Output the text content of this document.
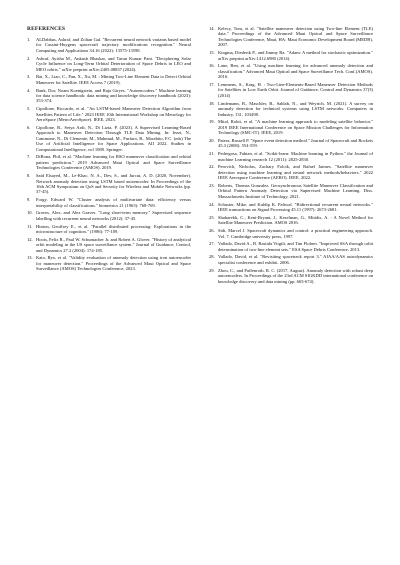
REFERENCES
1.	ALDabbas, Ashraf, and Zoltan Gal. "Recurrent neural network variants based model for Cassini-Huygens spacecraft trajectory modifications recognition." Neural Computing and Applications 34.16 (2022): 13575-13598.
2.	Ashraf, Ayisha M., Ankush Bhaskar, and Tarun Kumar Pant. "Deciphering Solar Cycle Influence on Long-Term Orbital Deterioration of Space Debris in LEO and MEO orbits." arXiv preprint arXiv:2405.08837 (2024).
3.	Bai, X., Liao, C., Pan, X., Xu, M. : Mining Two-Line Element Data to Detect Orbital Maneuver for Satellite. IEEE Access 7 (2019).
4.	Bank, Dor, Noam Koenigstein, and Raja Giryes. "Autoencoders." Machine learning for data science handbook: data mining and knowledge discovery handbook (2023): 353-374.
5.	Cipollone, Riccardo, et al. "An LSTM-based Maneuver Detection Algorithm from Satellites Pattern of Life." 2023 IEEE 10th International Workshop on Metrology for AeroSpace (MetroAeroSpace). IEEE, 2023.
6.	Cipollone, R., Setya Ardi, N., Di Lizia, P. (2023). A Supervised Learning-Based Approach to Maneuver Detection Through TLE Data Mining. In: Iezzi, N., Cammone, N., Di Clemente, M., Mahmud, M., Furfaro, R., Morabito, F.C. (eds) The Use of Artificial Intelligence for Space Applications. AII 2022. Studies in Computational Intelligence, vol 1088. Springer.
7.	DiBona, Phil, et al. "Machine learning for RSO maneuver classification and orbital pattern prediction." 2019 Advanced Maui Optical and Space Surveillance Technologies Conference (AMOS). 2019.
8.	Said Elsayed, M., Le-Khac, N. A., Dev, S., and Jurcut, A. D. (2020, November). Network anomaly detection using LSTM based autoencoder. In Proceedings of the 16th ACM Symposium on QoS and Security for Wireless and Mobile Networks (pp. 37-45).
9.	Forgy, Edward W. "Cluster analysis of multivariate data: efficiency versus interpretability of classifications." biometrics 21 (1965): 768-769.
10. Graves, Alex, and Alex Graves. "Long short-term memory." Supervised sequence labelling with recurrent neural networks (2012): 37-45.
11. Hinton, Geoffrey E., et al. "Parallel distributed processing: Explorations in the microstructure of cognition." (1986): 77-109.
12. Hoots, Felix R., Paul W. Schumacher Jr, and Robert A. Glover. "History of analytical orbit modeling in the US space surveillance system." Journal of Guidance, Control, and Dynamics 27.2 (2004): 174-185.
13. Kato, Ryo, et al. "Validity evaluation of anomaly detection using iron autoencoder for maneuver detection." Proceedings of the Advanced Maui Optical and Space Surveillance (AMOS) Technologies Conference, 2023.
14. Kelecy, Tom, et al. "Satellite maneuver detection using Two-line Element (TLE) data." Proceedings of the Advanced Maui Optical and Space Surveillance Technologies Conference, Maui, HA: Maui Economic Development Board (MEDB), 2007.
15. Kingma, Diederik P., and Jimmy Ba. "Adam: A method for stochastic optimization." arXiv preprint arXiv:1412.6980 (2014).
16. Lane, Ben, et al. "Using machine learning for advanced anomaly detection and classification." Advanced Maui Optical and Space Surveillance Tech. Conf.(AMOS). 2016.
17. Lemmens, S., Krag, H. : Two-Line-Elements-Based Maneuver Detection Methods for Satellites in Low Earth Orbit. Journal of Guidance, Control and Dynamics 37(3) (2014)
18. Lindemann, B., Maschler, B., Sahlab, N., and Weyrich, M. (2021). A survey on anomaly detection for technical systems using LSTM networks. Computers in Industry, 131, 103498.
19. Mital, Rohit, et al. "A machine learning approach to modeling satellite behavior." 2019 IEEE International Conference on Space Mission Challenges for Information Technology (SMC-IT). IEEE, 2019.
20. Patera, Russell P. "Space event detection method." Journal of Spacecraft and Rockets 45.3 (2008): 554-559.
21. Pedregosa, Fabian, et al. "Scikit-learn: Machine learning in Python." the Journal of machine Learning research 12 (2011): 2825-2830.
22. Perovich, Nicholas, Zachary Folcik, and Rafael Jaimes. "Satellite maneuver detection using machine learning and neural network methods/behaviors." 2022 IEEE Aerospace Conference (AERO). IEEE, 2022.
23. Roberts, Thomas Gonzalez. Geosynchronous Satellite Maneuver Classification and Orbital Pattern Anomaly Detection via Supervised Machine Learning. Diss. Massachusetts Institute of Technology, 2021.
24. Schuster, Mike, and Kuldip K. Paliwal. "Bidirectional recurrent neural networks." IEEE transactions on Signal Processing 45.11 (1997): 2673-2681.
25. Shabarekh, C., Kent-Bryant, J., Keselman, G., Mitidis, A. : A Novel Method for Satellite Maneuver Prediction. AMOS 2016.
26. Sidi, Marcel J. Spacecraft dynamics and control: a practical engineering approach. Vol. 7. Cambridge university press, 1997.
27. Vallado, David A., B. Bastida Virgili, and Tim Flohrer. "Improved SSA through orbit determination of two-line element sets." ESA Space Debris Conference, 2013.
28. Vallado, David, et al. "Revisiting spacetrack report 3." AIAA/AAS astrodynamics specialist conference and exhibit. 2006.
29. Zhou, C., and Paffenroth, R. C. (2017, August). Anomaly detection with robust deep autoencoders. In Proceedings of the 23rd ACM SIGKDD international conference on knowledge discovery and data mining (pp. 665-674).
